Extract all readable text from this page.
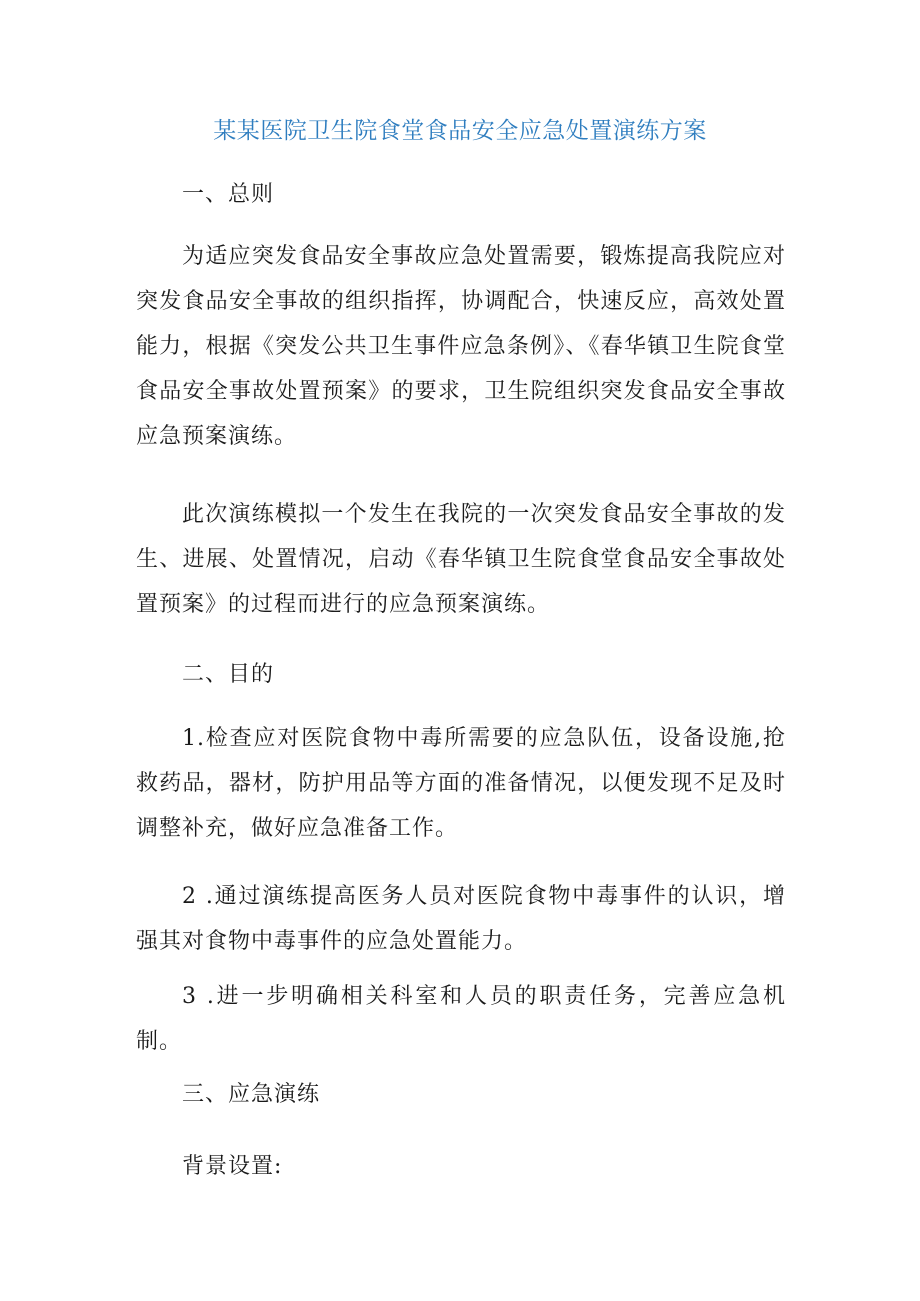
某某医院卫生院食堂食品安全应急处置演练方案
一、总则
为适应突发食品安全事故应急处置需要，锻炼提高我院应对突发食品安全事故的组织指挥，协调配合，快速反应，高效处置能力，根据《突发公共卫生事件应急条例》、《春华镇卫生院食堂食品安全事故处置预案》的要求，卫生院组织突发食品安全事故应急预案演练。
此次演练模拟一个发生在我院的一次突发食品安全事故的发生、进展、处置情况，启动《春华镇卫生院食堂食品安全事故处置预案》的过程而进行的应急预案演练。
二、目的
1.检查应对医院食物中毒所需要的应急队伍，设备设施,抢救药品，器材，防护用品等方面的准备情况，以便发现不足及时调整补充，做好应急准备工作。
2 .通过演练提高医务人员对医院食物中毒事件的认识，增强其对食物中毒事件的应急处置能力。
3 .进一步明确相关科室和人员的职责任务，完善应急机制。
三、应急演练
背景设置:
